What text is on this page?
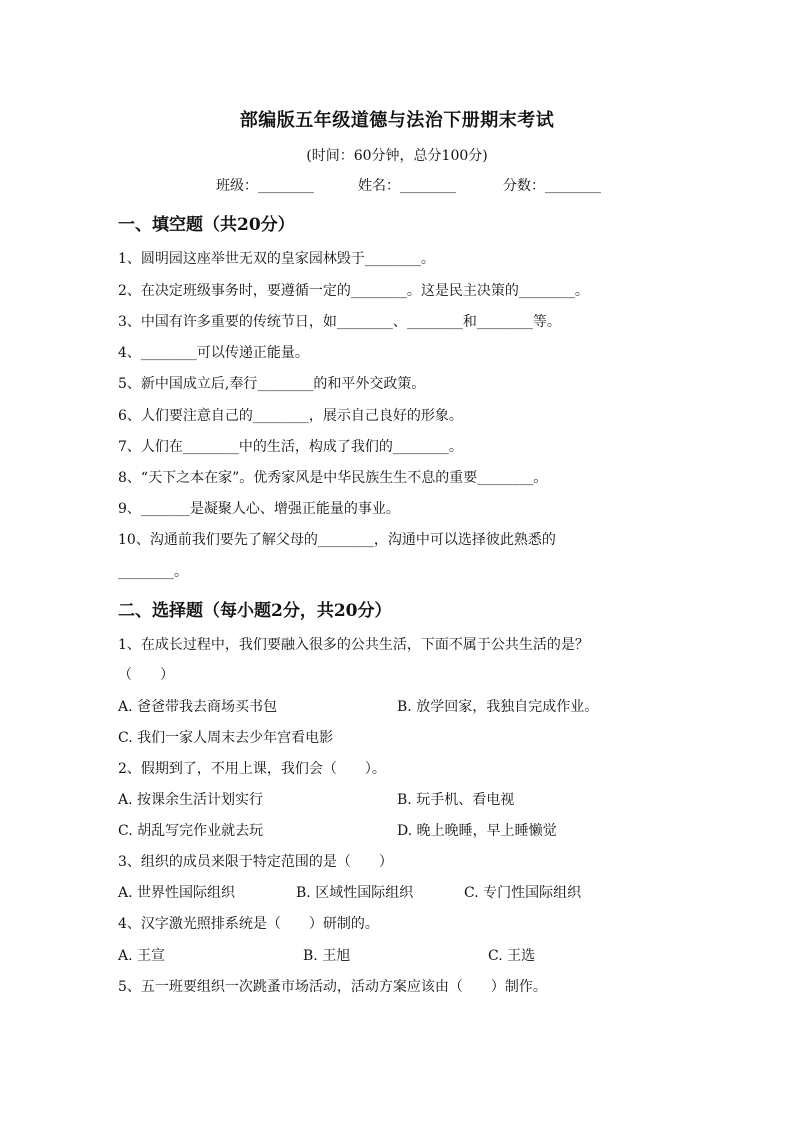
部编版五年级道德与法治下册期末考试
(时间：60分钟，总分100分)
班级：________	姓名：________	分数：________
一、填空题（共20分）
1、圆明园这座举世无双的皇家园林毁于________。
2、在决定班级事务时，要遵循一定的________。这是民主决策的________。
3、中国有许多重要的传统节日，如________、________和________等。
4、________可以传递正能量。
5、新中国成立后,奉行________的和平外交政策。
6、人们要注意自己的________，展示自己良好的形象。
7、人们在________中的生活，构成了我们的________。
8、“天下之本在家”。优秀家风是中华民族生生不息的重要________。
9、_______是凝聚人心、增强正能量的事业。
10、沟通前我们要先了解父母的________，沟通中可以选择彼此熟悉的
________。
二、选择题（每小题2分，共20分）
1、在成长过程中，我们要融入很多的公共生活，下面不属于公共生活的是？
（　　）
A. 爸爸带我去商场买书包	B. 放学回家，我独自完成作业。
C. 我们一家人周末去少年宫看电影
2、假期到了，不用上课，我们会（　　）。
A. 按课余生活计划实行	B. 玩手机、看电视
C. 胡乱写完作业就去玩	D. 晚上晚睡，早上睡懒觉
3、组织的成员来限于特定范围的是（　　）
A. 世界性国际组织	B. 区域性国际组织	C. 专门性国际组织
4、汉字激光照排系统是（　　）研制的。
A. 王宣	B. 王旭	C. 王选
5、五一班要组织一次跳蚤市场活动，活动方案应该由（　　）制作。
